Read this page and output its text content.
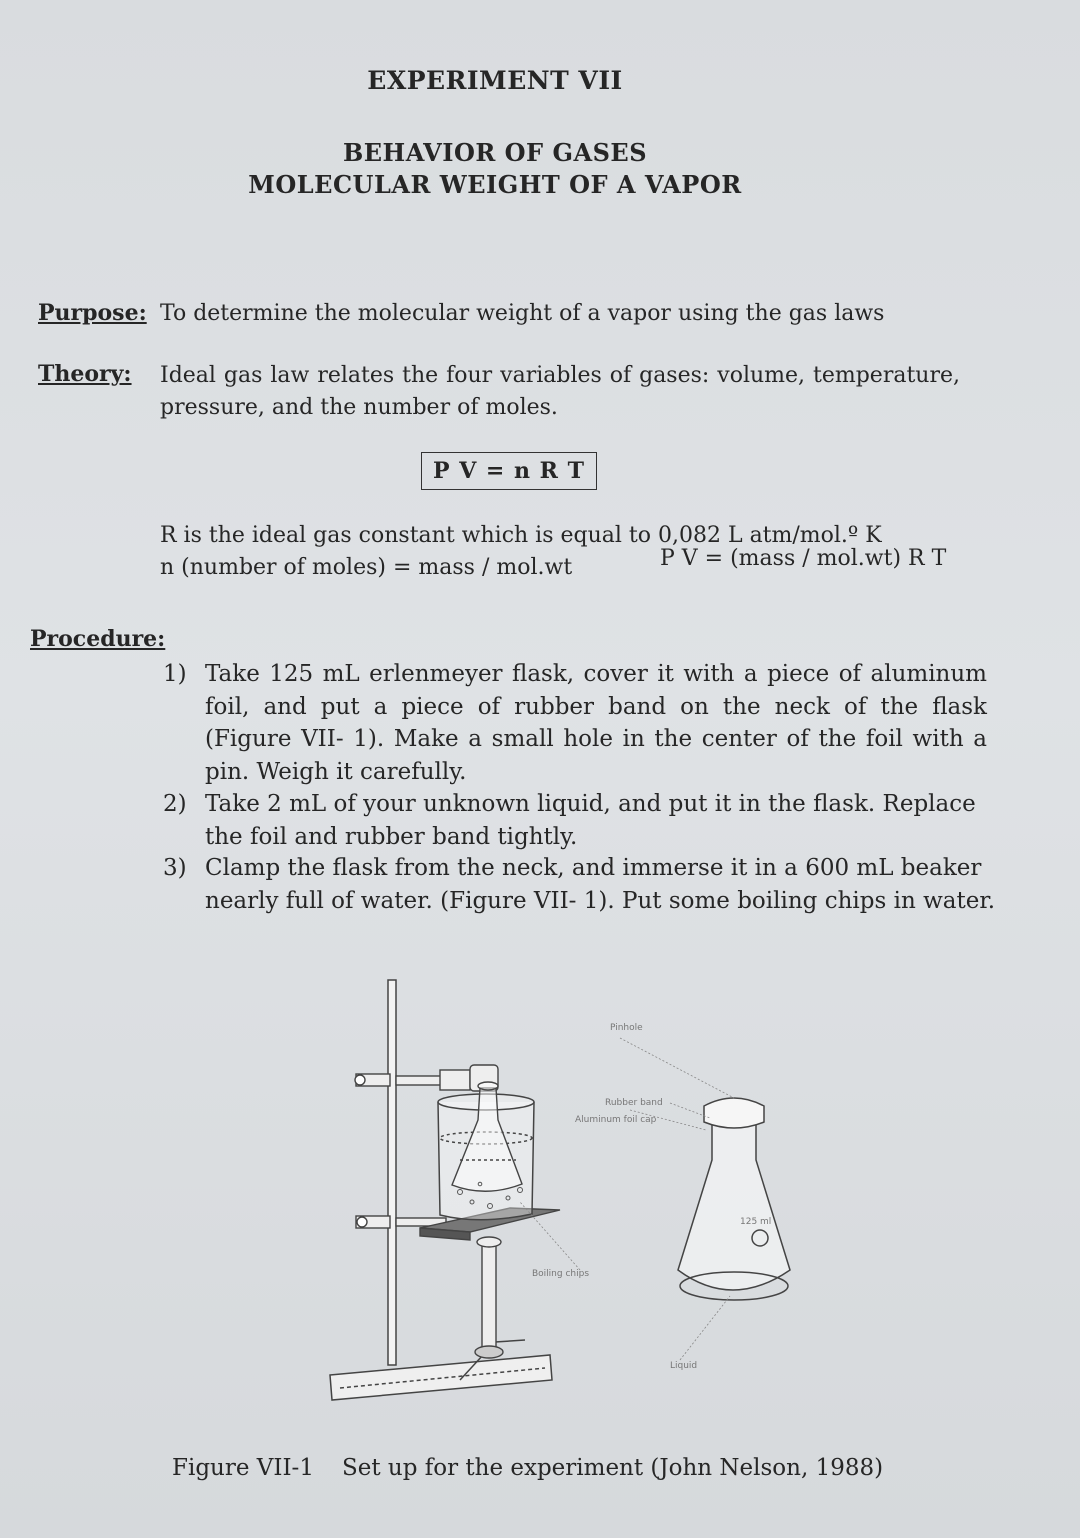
EXPERIMENT VII
BEHAVIOR OF GASES
MOLECULAR WEIGHT OF A VAPOR
Purpose: To determine the molecular weight of a vapor using the gas laws
Theory: Ideal gas law relates the four variables of gases: volume, temperature, pressure, and the number of moles.
P V = n R T
R is the ideal gas constant which is equal to 0,082 L atm/mol.º K
n (number of moles) = mass / mol.wt	P V = (mass / mol.wt) R T
Procedure:
1) Take 125 mL erlenmeyer flask, cover it with a piece of aluminum foil, and put a piece of rubber band on the neck of the flask (Figure VII- 1). Make a small hole in the center of the foil with a pin. Weigh it carefully.
2) Take 2 mL of your unknown liquid, and put it in the flask. Replace the foil and rubber band tightly.
3) Clamp the flask from the neck, and immerse it in a 600 mL beaker nearly full of water. (Figure VII- 1). Put some boiling chips in water.
Pinhole
Rubber band
Aluminum foil cap
Boiling chips
Liquid
125 ml
Figure VII-1 Set up for the experiment (John Nelson, 1988)
